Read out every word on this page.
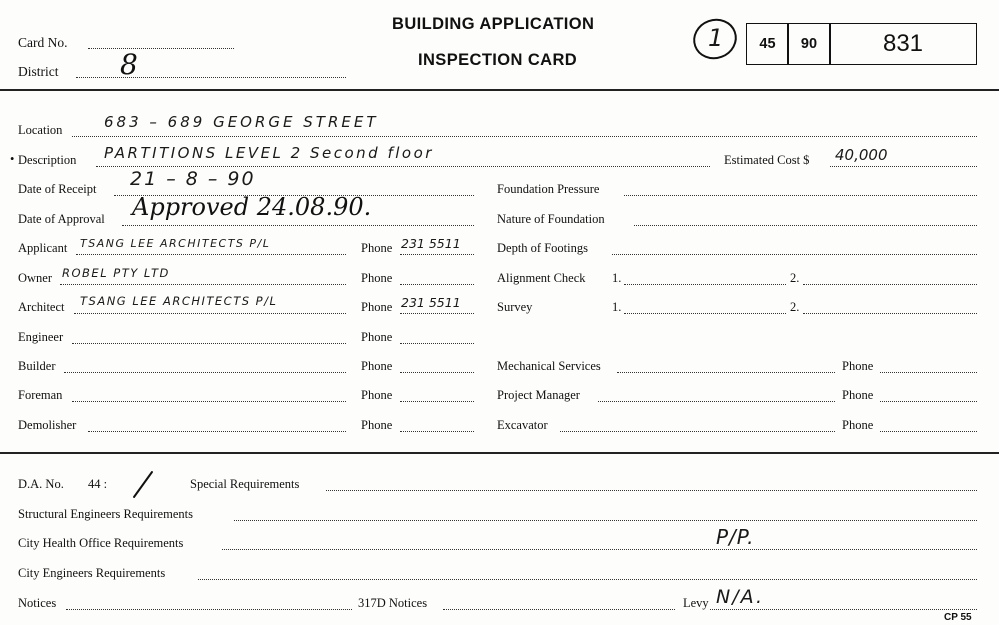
Card No.
District 8
BUILDING APPLICATION
INSPECTION CARD
1	45	90	831
Location	683 – 689 GEORGE STREET
• Description PARTITIONS LEVEL 2 Second floor	Estimated Cost $ 40,000
Date of Receipt 21 – 8 – 90	Foundation Pressure
Date of Approval Approved 24.08.90.	Nature of Foundation
Applicant TSANG LEE ARCHITECTS P/L	Phone 231 5511	Depth of Footings
Owner ROBEL PTY LTD	Phone	Alignment Check 1.	2.
Architect TSANG LEE ARCHITECTS P/L	Phone 231 5511	Survey	1.	2.
Engineer	Phone
Builder	Phone	Mechanical Services	Phone
Foreman	Phone	Project Manager	Phone
Demolisher	Phone	Excavator	Phone
D.A. No. 44 :	Special Requirements
Structural Engineers Requirements
City Health Office Requirements	P/P.
City Engineers Requirements
Notices	317D Notices	Levy N/A.
CP 55
